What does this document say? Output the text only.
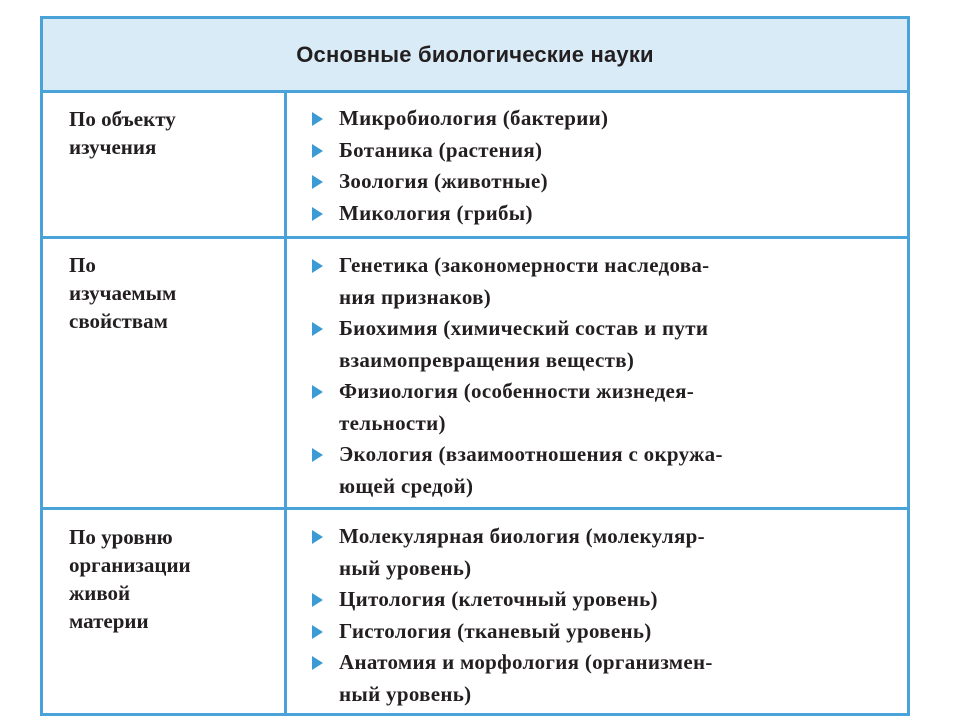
Основные биологические науки
По объекту
изучения
Микробиология (бактерии)
Ботаника (растения)
Зоология (животные)
Микология (грибы)
По
изучаемым
свойствам
Генетика (закономерности наследова-
ния признаков)
Биохимия (химический состав и пути
взаимопревращения веществ)
Физиология (особенности жизнедея-
тельности)
Экология (взаимоотношения с окружа-
ющей средой)
По уровню
организации
живой
материи
Молекулярная биология (молекуляр-
ный уровень)
Цитология (клеточный уровень)
Гистология (тканевый уровень)
Анатомия и морфология (организмен-
ный уровень)
